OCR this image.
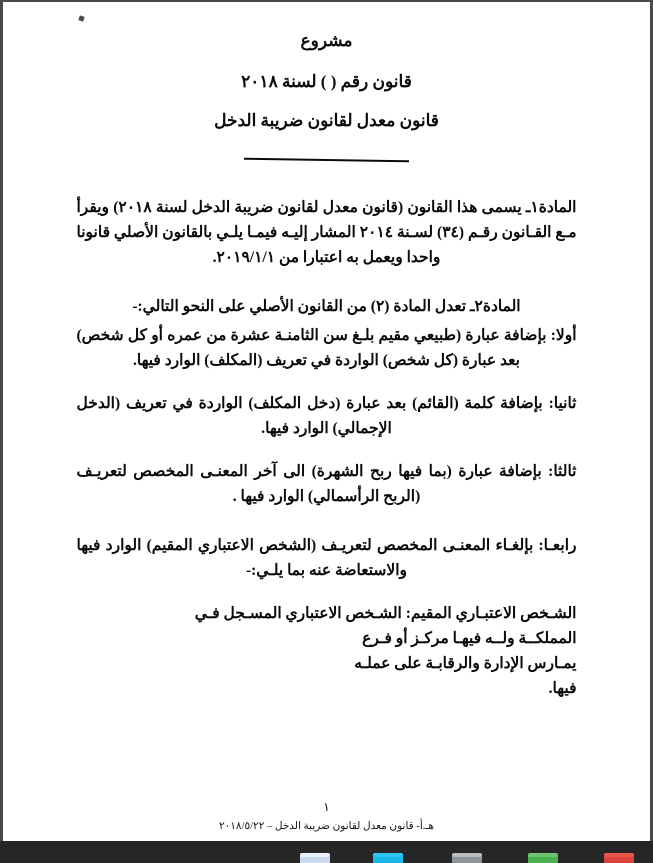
مشروع

قانون رقم ( ) لسنة ٢٠١٨

قانون معدل لقانون ضريبة الدخل

المادة١ـ يسمى هذا القانون (قانون معدل لقانون ضريبة الدخل لسنة ٢٠١٨) ويقرأ مـع القـانون رقـم (٣٤) لسـنة ٢٠١٤ المشار إليـه فيمـا يلـي بالقانون الأصلي قانونا واحدا ويعمل به اعتبارا من ٢٠١٩/١/١.

المادة٢ـ تعدل المادة (٢) من القانون الأصلي على النحو التالي:-

أولا: بإضافة عبارة (طبيعي مقيم بلـغ سن الثامنـة عشرة من عمره أو كل شخص) بعد عبارة (كل شخص) الواردة في تعريف (المكلف) الوارد فيها.

ثانيا: بإضافة كلمة (القائم) بعد عبارة (دخل المكلف) الواردة في تعريف (الدخل الإجمالي) الوارد فيها.

ثالثا: بإضافة عبارة (بما فيها ربح الشهرة) الى آخر المعنـى المخصص لتعريـف (الربح الرأسمالي) الوارد فيها .

رابعـا: بإلغـاء المعنـى المخصص لتعريـف (الشخص الاعتباري المقيم) الوارد فيها والاستعاضة عنه بما يلـي:-

الشـخص الاعتبـاري المقيم: الشـخص الاعتباري المسـجل فـي
المملكــة ولــه فيهـا مركـز أو فـرع
يمـارس الإدارة والرقابـة على عملـه
فيها.
١
هـ.أ- قانون معدل لقانون ضريبة الدخل – ٢٠١٨/٥/٢٢
